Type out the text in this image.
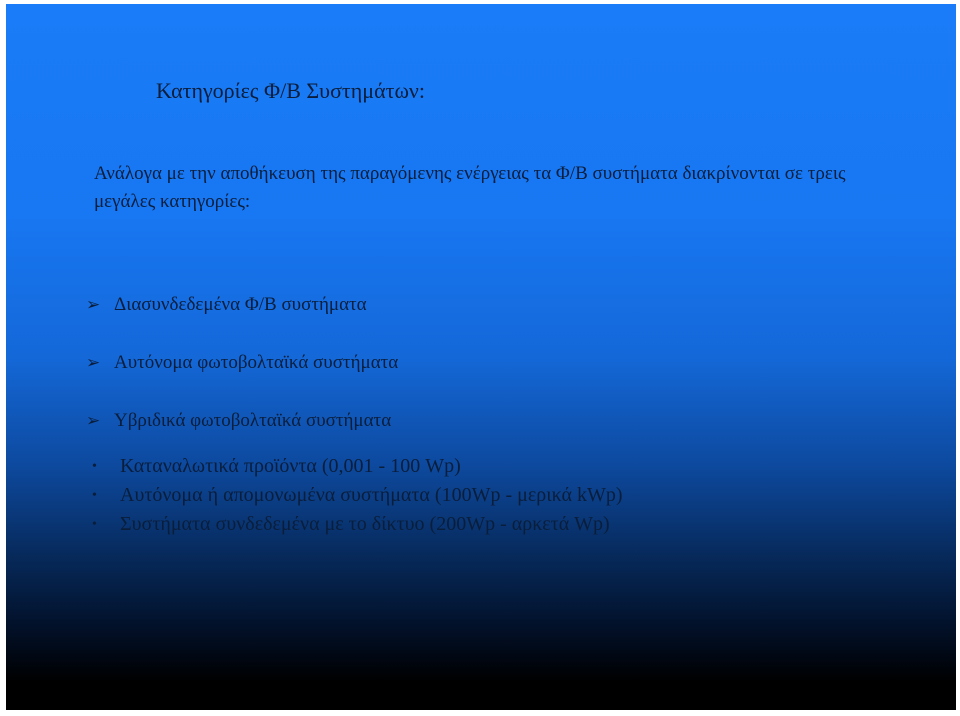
Κατηγορίες Φ/Β Συστημάτων:

Ανάλογα με την αποθήκευση της παραγόμενης ενέργειας τα Φ/Β συστήματα διακρίνονται σε τρεις μεγάλες κατηγορίες:

➢ Διασυνδεδεμένα Φ/Β συστήματα
➢ Αυτόνομα φωτοβολταϊκά συστήματα
➢ Υβριδικά φωτοβολταϊκά συστήματα
•	Καταναλωτικά προϊόντα (0,001 - 100 Wp)
•	Αυτόνομα ή απομονωμένα συστήματα (100Wp - μερικά kWp)
•	Συστήματα συνδεδεμένα με το δίκτυο (200Wp - αρκετά Wp)
